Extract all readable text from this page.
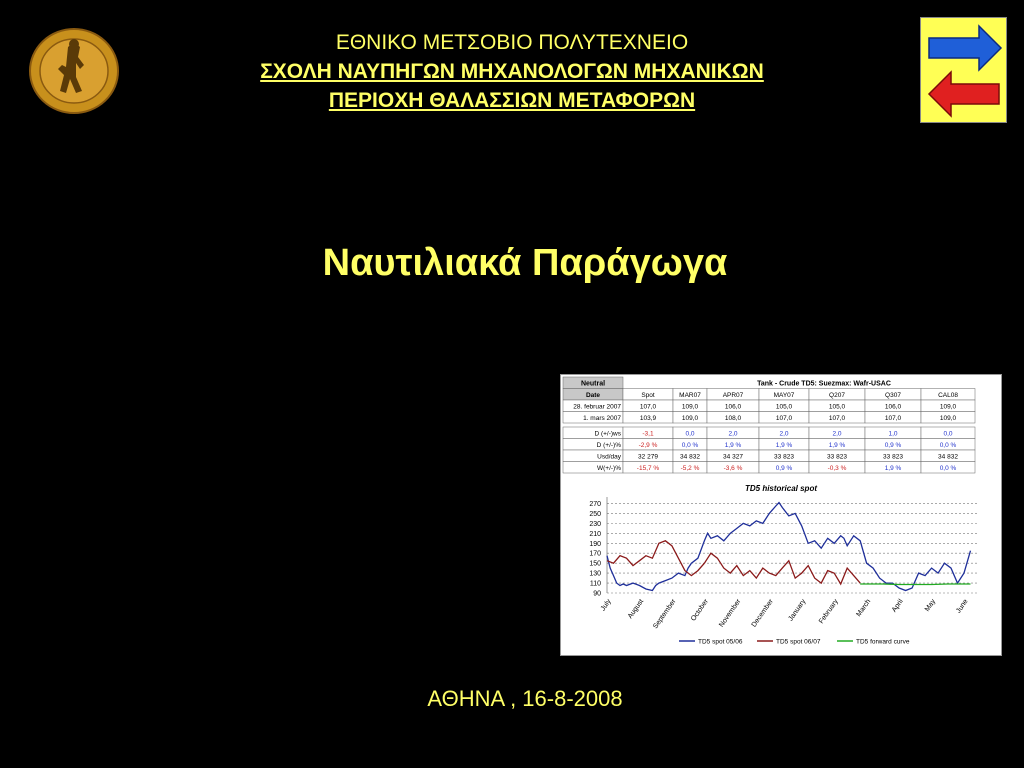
ΕΘΝΙΚΟ ΜΕΤΣΟΒΙΟ ΠΟΛΥΤΕΧΝΕΙΟ
ΣΧΟΛΗ ΝΑΥΠΗΓΩΝ ΜΗΧΑΝΟΛΟΓΩΝ ΜΗΧΑΝΙΚΩΝ
ΠΕΡΙΟΧΗ ΘΑΛΑΣΣΙΩΝ ΜΕΤΑΦΟΡΩΝ
Ναυτιλιακά Παράγωγα
Neutral	Tank - Crude TD5: Suezmax: Wafr-USAC
Date	Spot	MAR07	APR07	MAY07	Q207	Q307	CAL08
28. februar 2007	107,0	109,0	106,0	105,0	105,0	106,0	109,0
1. mars 2007	103,9	109,0	108,0	107,0	107,0	107,0	109,0
D (+/-)ws	-3,1	0,0	2,0	2,0	2,0	1,0	0,0
D (+/-)%	-2,9 %	0,0 %	1,9 %	1,9 %	1,9 %	0,9 %	0,0 %
Usd/day	32 279	34 832	34 327	33 823	33 823	33 823	34 832
W(+/-)% -15,7 %	-5,2 %	-3,6 %	0,9 %	-0,3 %	1,9 %	0,0 %
TD5 historical spot
90
110
130
150
170
190
210
230
250
270
July August September October November December January February March	April	May	June
TD5 spot 05/06	TD5 spot 06/07	TD5 forward curve
ΑΘΗΝΑ , 16-8-2008
